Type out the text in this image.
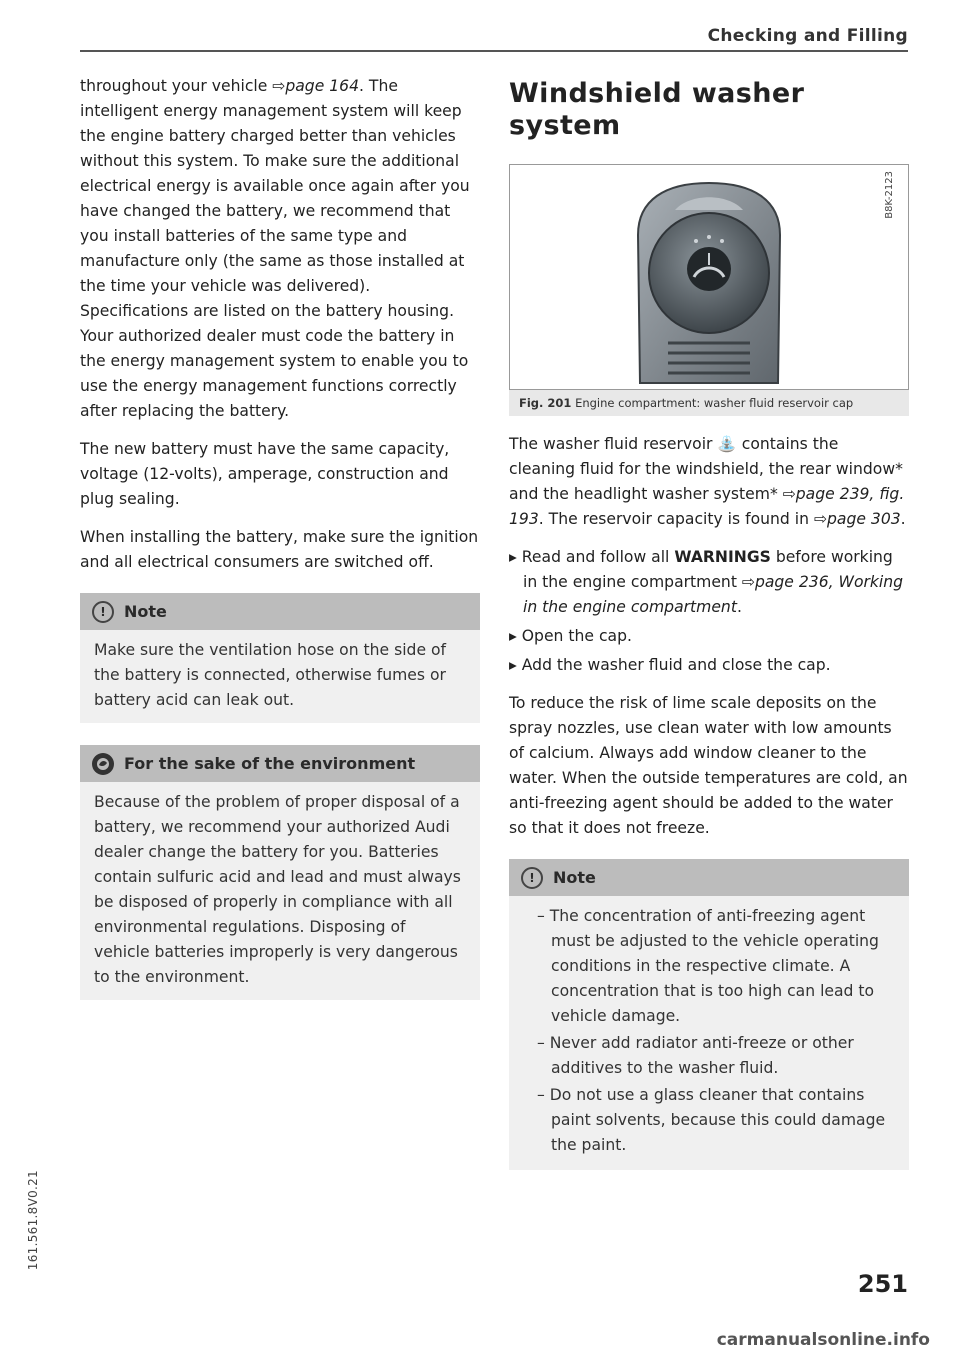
Checking and Filling

throughout your vehicle ⇨page 164. The intelligent energy management system will keep the engine battery charged better than vehicles without this system. To make sure the additional electrical energy is available once again after you have changed the battery, we recommend that you install batteries of the same type and manufacture only (the same as those installed at the time your vehicle was delivered). Specifications are listed on the battery housing. Your authorized dealer must code the battery in the energy management system to enable you to use the energy management functions correctly after replacing the battery.

The new battery must have the same capacity, voltage (12-volts), amperage, construction and plug sealing.

When installing the battery, make sure the ignition and all electrical consumers are switched off.

!	Note
Make sure the ventilation hose on the side of the battery is connected, otherwise fumes or battery acid can leak out.
For the sake of the environment
Because of the problem of proper disposal of a battery, we recommend your authorized Audi dealer change the battery for you. Batteries contain sulfuric acid and lead and must always be disposed of properly in compliance with all environmental regulations. Disposing of vehicle batteries improperly is very dangerous to the environment.
Windshield washer system
B8K-2123
Fig. 201 Engine compartment: washer fluid reservoir cap

The washer fluid reservoir ⛲ contains the cleaning fluid for the windshield, the rear window* and the headlight washer system* ⇨page 239, fig. 193. The reservoir capacity is found in ⇨page 303.

▸ Read and follow all WARNINGS before working in the engine compartment ⇨page 236, Working in the engine compartment.
▸ Open the cap.
▸ Add the washer fluid and close the cap.

To reduce the risk of lime scale deposits on the spray nozzles, use clean water with low amounts of calcium. Always add window cleaner to the water. When the outside temperatures are cold, an anti-freezing agent should be added to the water so that it does not freeze.

!	Note
– The concentration of anti-freezing agent must be adjusted to the vehicle operating conditions in the respective climate. A concentration that is too high can lead to vehicle damage.
– Never add radiator anti-freeze or other additives to the washer fluid.
– Do not use a glass cleaner that contains paint solvents, because this could damage the paint.
251
161.561.8V0.21
carmanualsonline.info
